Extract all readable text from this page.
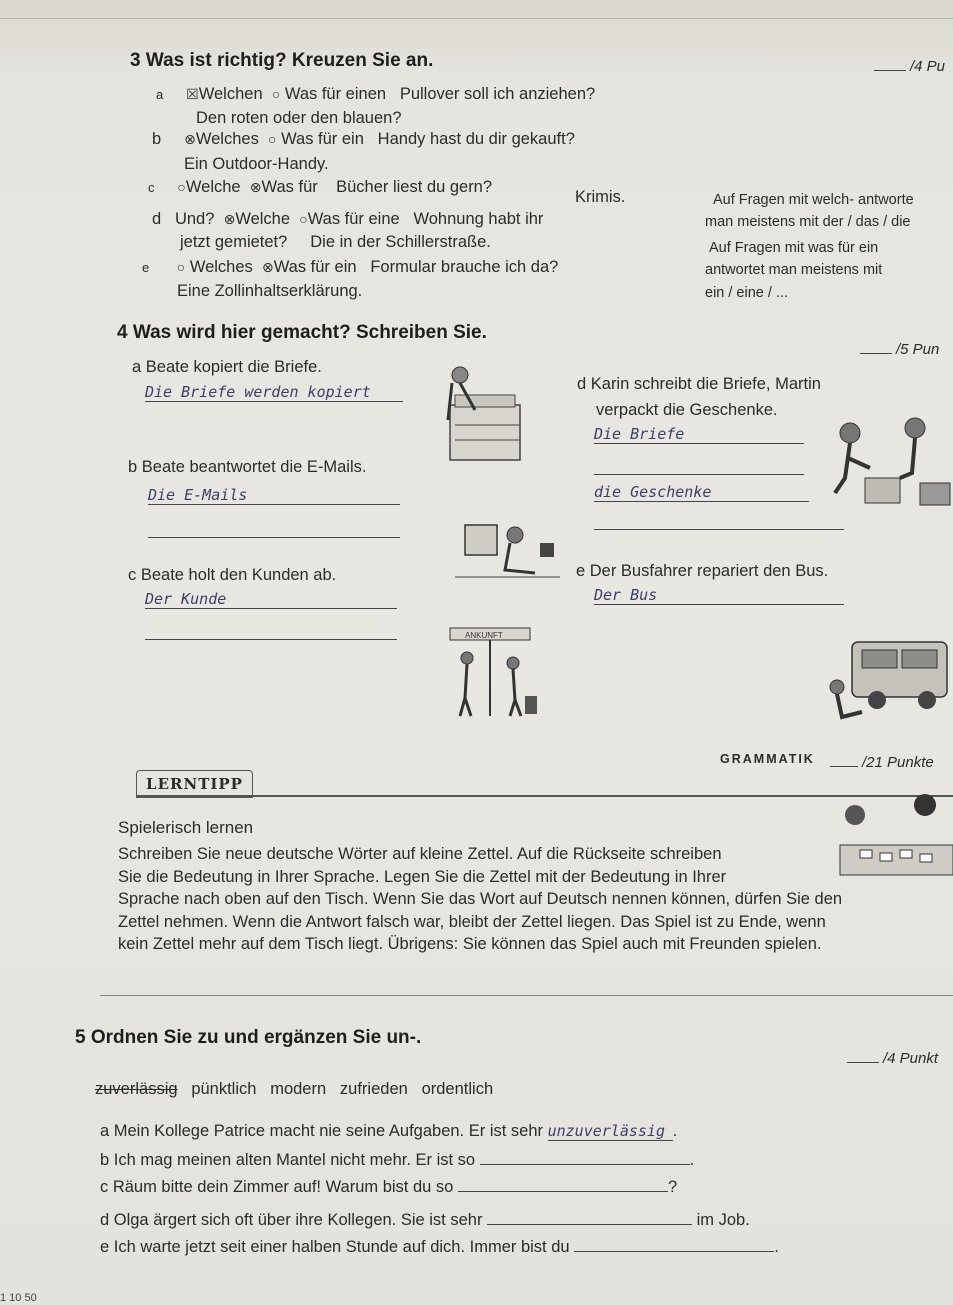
3 Was ist richtig? Kreuzen Sie an.	/4 Pu
a ☒Welchen ○ Was für einen Pullover soll ich anziehen?
Den roten oder den blauen?
b ⊗Welches ○ Was für ein Handy hast du dir gekauft?
Ein Outdoor-Handy.
c ○Welche ⊗Was für Bücher liest du gern?
Krimis.
d Und? ⊗Welche ○Was für eine Wohnung habt ihr
jetzt gemietet? Die in der Schillerstraße.
e ○ Welches ⊗Was für ein Formular brauche ich da?
Eine Zollinhaltserklärung.
Auf Fragen mit welch- antworte
man meistens mit der / das / die
Auf Fragen mit was für ein
antwortet man meistens mit
ein / eine / ...
4 Was wird hier gemacht? Schreiben Sie.
/5 Pun
a Beate kopiert die Briefe.
Die Briefe werden kopiert
b Beate beantwortet die E-Mails.
Die E-Mails
c Beate holt den Kunden ab.
Der Kunde
d Karin schreibt die Briefe, Martin
verpackt die Geschenke.
Die Briefe
die Geschenke
e Der Busfahrer repariert den Bus.
Der Bus
ANKUNFT
GRAMMATIK	/21 Punkte
LERNTIPP
Spielerisch lernen
Schreiben Sie neue deutsche Wörter auf kleine Zettel. Auf die Rückseite schreiben
Sie die Bedeutung in Ihrer Sprache. Legen Sie die Zettel mit der Bedeutung in Ihrer
Sprache nach oben auf den Tisch. Wenn Sie das Wort auf Deutsch nennen können, dürfen Sie den
Zettel nehmen. Wenn die Antwort falsch war, bleibt der Zettel liegen. Das Spiel ist zu Ende, wenn
kein Zettel mehr auf dem Tisch liegt. Übrigens: Sie können das Spiel auch mit Freunden spielen.
5 Ordnen Sie zu und ergänzen Sie un-.
/4 Punkt
zuverlässig pünktlich modern zufrieden ordentlich
a Mein Kollege Patrice macht nie seine Aufgaben. Er ist sehr unzuverlässig .
b Ich mag meinen alten Mantel nicht mehr. Er ist so	.
c Räum bitte dein Zimmer auf! Warum bist du so	?
d Olga ärgert sich oft über ihre Kollegen. Sie ist sehr	im Job.
e Ich warte jetzt seit einer halben Stunde auf dich. Immer bist du	.
1 10 50
